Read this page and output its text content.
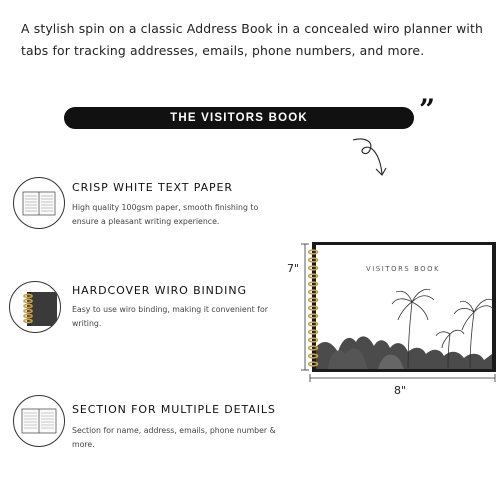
A stylish spin on a classic Address Book in a concealed wiro planner with tabs for tracking addresses, emails, phone numbers, and more.
THE VISITORS BOOK	”
CRISP WHITE TEXT PAPER
High quality 100gsm paper, smooth finishing to ensure a pleasant writing experience.
HARDCOVER WIRO BINDING
Easy to use wiro binding, making it convenient for writing.
SECTION FOR MULTIPLE DETAILS
Section for name, address, emails, phone number & more.
VISITORS BOOK
7"
8"
